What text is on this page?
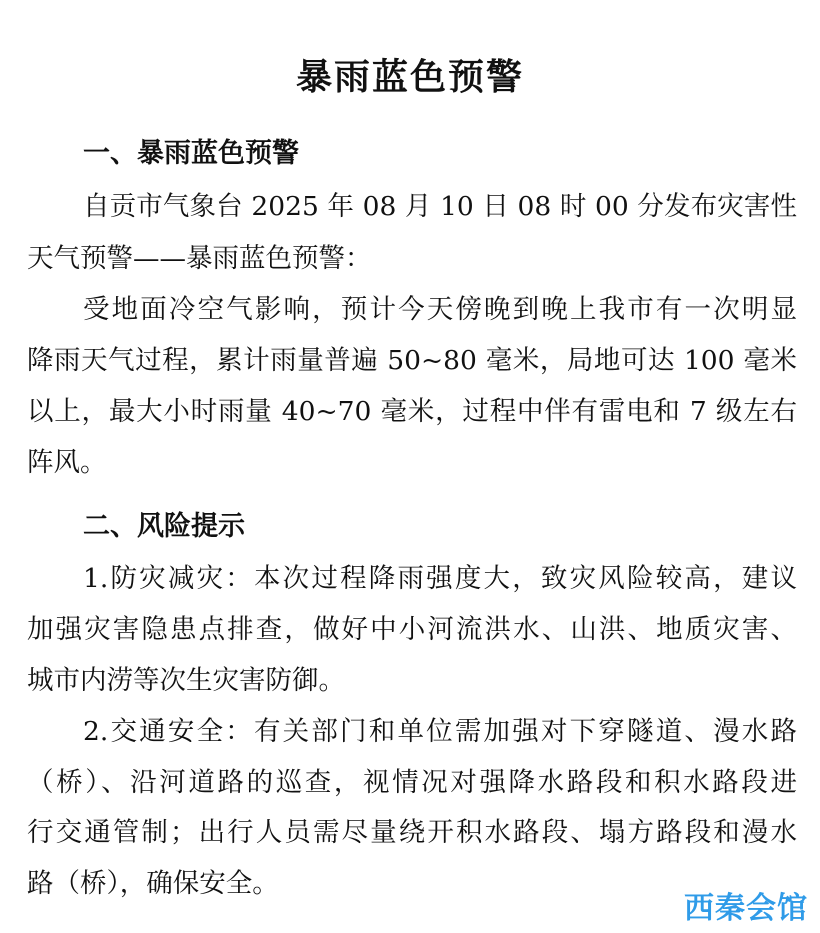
暴雨蓝色预警
一、暴雨蓝色预警

自贡市气象台 2025 年 08 月 10 日 08 时 00 分发布灾害性

天气预警——暴雨蓝色预警：

受地面冷空气影响，预计今天傍晚到晚上我市有一次明显

降雨天气过程，累计雨量普遍 50~80 毫米，局地可达 100 毫米

以上，最大小时雨量 40~70 毫米，过程中伴有雷电和 7 级左右

阵风。

二、风险提示

1.防灾减灾：本次过程降雨强度大，致灾风险较高，建议

加强灾害隐患点排查，做好中小河流洪水、山洪、地质灾害、

城市内涝等次生灾害防御。

2.交通安全：有关部门和单位需加强对下穿隧道、漫水路

（桥）、沿河道路的巡查，视情况对强降水路段和积水路段进

行交通管制；出行人员需尽量绕开积水路段、塌方路段和漫水

路（桥），确保安全。

西秦会馆
